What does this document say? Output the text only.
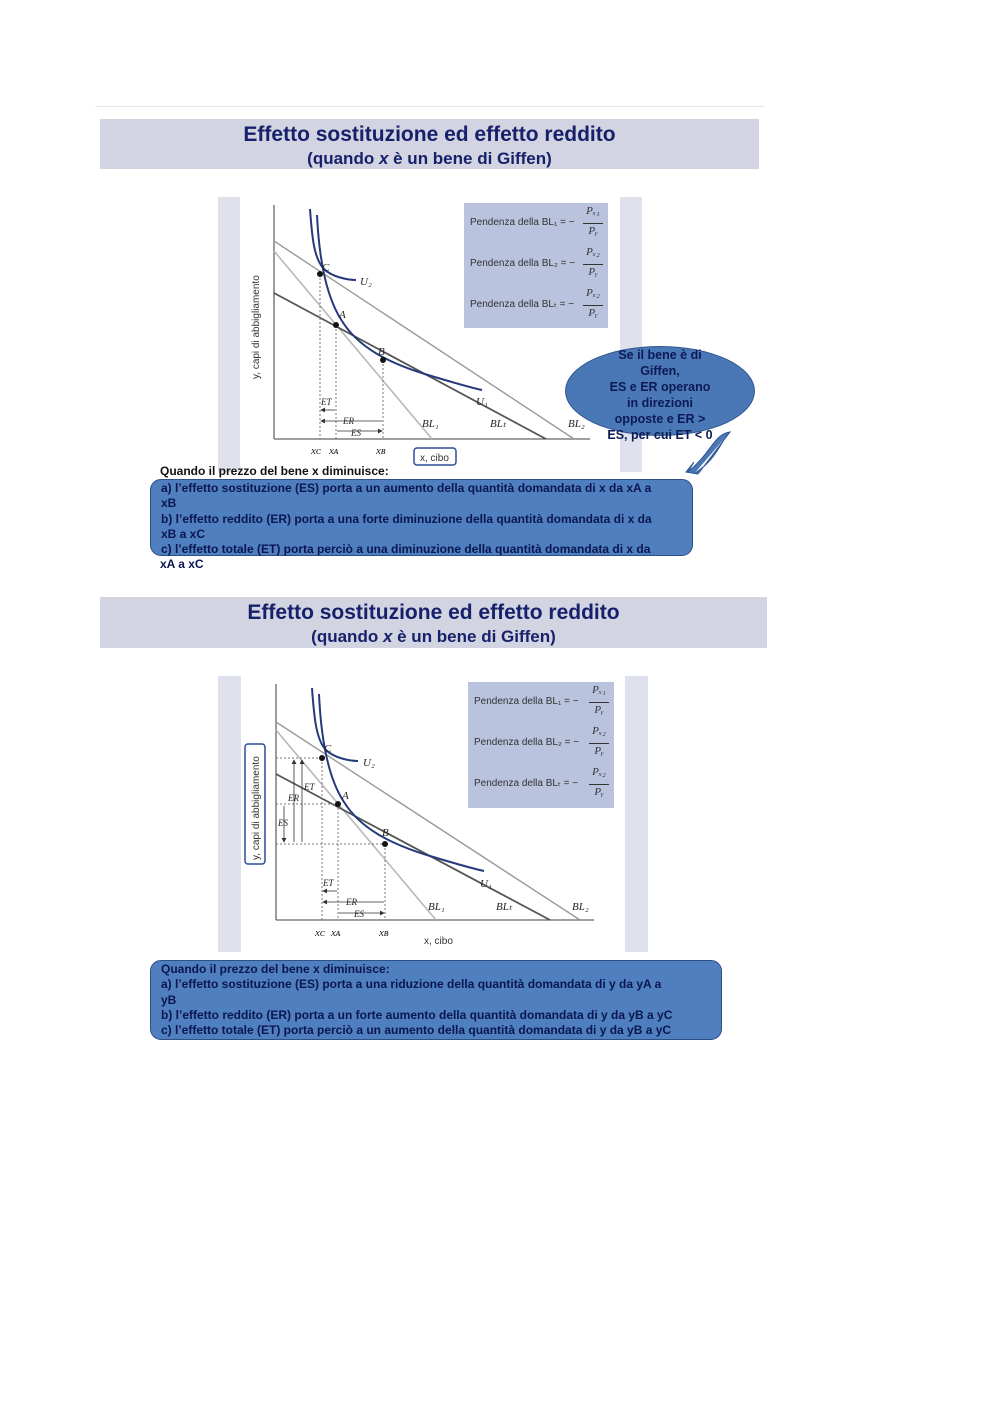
Effetto sostituzione ed effetto reddito
(quando x è un bene di Giffen)
C
A
B
U₂
U₁
BL₁	BLₜ	BL₂
ET
ER
ES
xᴄ xᴀ	xʙ
y, capi di abbigliamento
x, cibo
Pendenza della BL₁ = −
Pₓ₁
Pᵧ
Pendenza della BL₂ = −
Pₓ₂
Pᵧ
Pendenza della BLₜ = −
Pₓ₂
Pᵧ
Se il bene è di
Giffen,
ES e ER operano
in direzioni
opposte e ER >
ES, per cui ET < 0
Quando il prezzo del bene x diminuisce:
a) l’effetto sostituzione (ES) porta a un aumento della quantità domandata di x da xA a
xB
b) l’effetto reddito (ER) porta a una forte diminuzione della quantità domandata di x da
xB a xC
c) l’effetto totale (ET) porta perciò a una diminuzione della quantità domandata di x da
xA a xC
Effetto sostituzione ed effetto reddito
(quando x è un bene di Giffen)
C
A
B
U₂
U₁
BL₁	BLₜ	BL₂
ET
ER
ES
ET
ER
ES
xᴄ xᴀ	xʙ
y, capi di abbigliamento
x, cibo
Pendenza della BL₁ = −
Pₓ₁
Pᵧ
Pendenza della BL₂ = −
Pₓ₂
Pᵧ
Pendenza della BLₜ = −
Pₓ₂
Pᵧ
Quando il prezzo del bene x diminuisce:
a) l’effetto sostituzione (ES) porta a una riduzione della quantità domandata di y da yA a
yB
b) l’effetto reddito (ER) porta a un forte aumento della quantità domandata di y da yB a yC
c) l’effetto totale (ET) porta perciò a un aumento della quantità domandata di y da yB a yC
